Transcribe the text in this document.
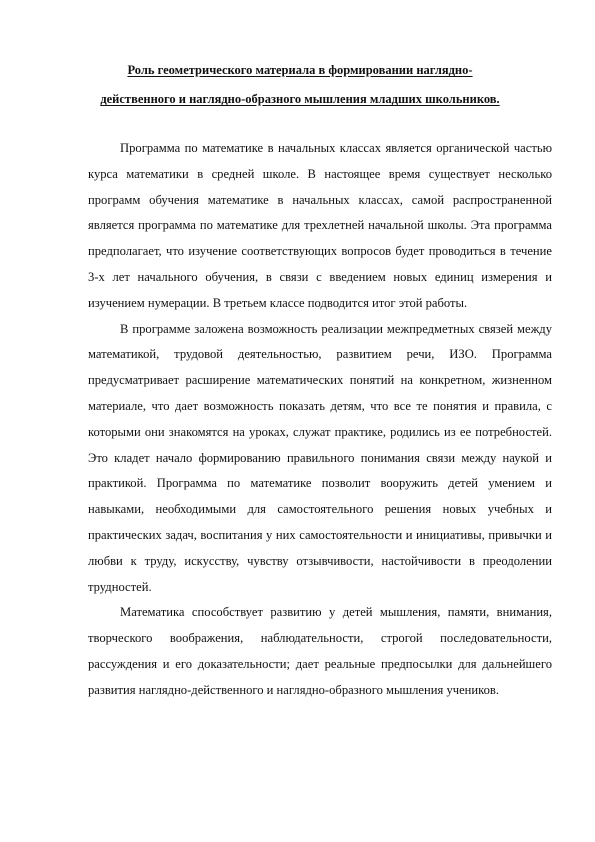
Роль геометрического материала в формировании наглядно-
действенного и наглядно-образного мышления младших школьников.

Программа по математике в начальных классах является органической частью курса математики в средней школе. В настоящее время существует несколько программ обучения математике в начальных классах, самой распространенной является программа по математике для трехлетней начальной школы. Эта программа предполагает, что изучение соответствующих вопросов будет проводиться в течение 3-х лет начального обучения, в связи с введением новых единиц измерения и изучением нумерации. В третьем классе подводится итог этой работы.

В программе заложена возможность реализации межпредметных связей между математикой, трудовой деятельностью, развитием речи, ИЗО. Программа предусматривает расширение математических понятий на конкретном, жизненном материале, что дает возможность показать детям, что все те понятия и правила, с которыми они знакомятся на уроках, служат практике, родились из ее потребностей. Это кладет начало формированию правильного понимания связи между наукой и практикой. Программа по математике позволит вооружить детей умением и навыками, необходимыми для самостоятельного решения новых учебных и практических задач, воспитания у них самостоятельности и инициативы, привычки и любви к труду, искусству, чувству отзывчивости, настойчивости в преодолении трудностей.

Математика способствует развитию у детей мышления, памяти, внимания, творческого воображения, наблюдательности, строгой последовательности, рассуждения и его доказательности; дает реальные предпосылки для дальнейшего развития наглядно-действенного и наглядно-образного мышления учеников.
